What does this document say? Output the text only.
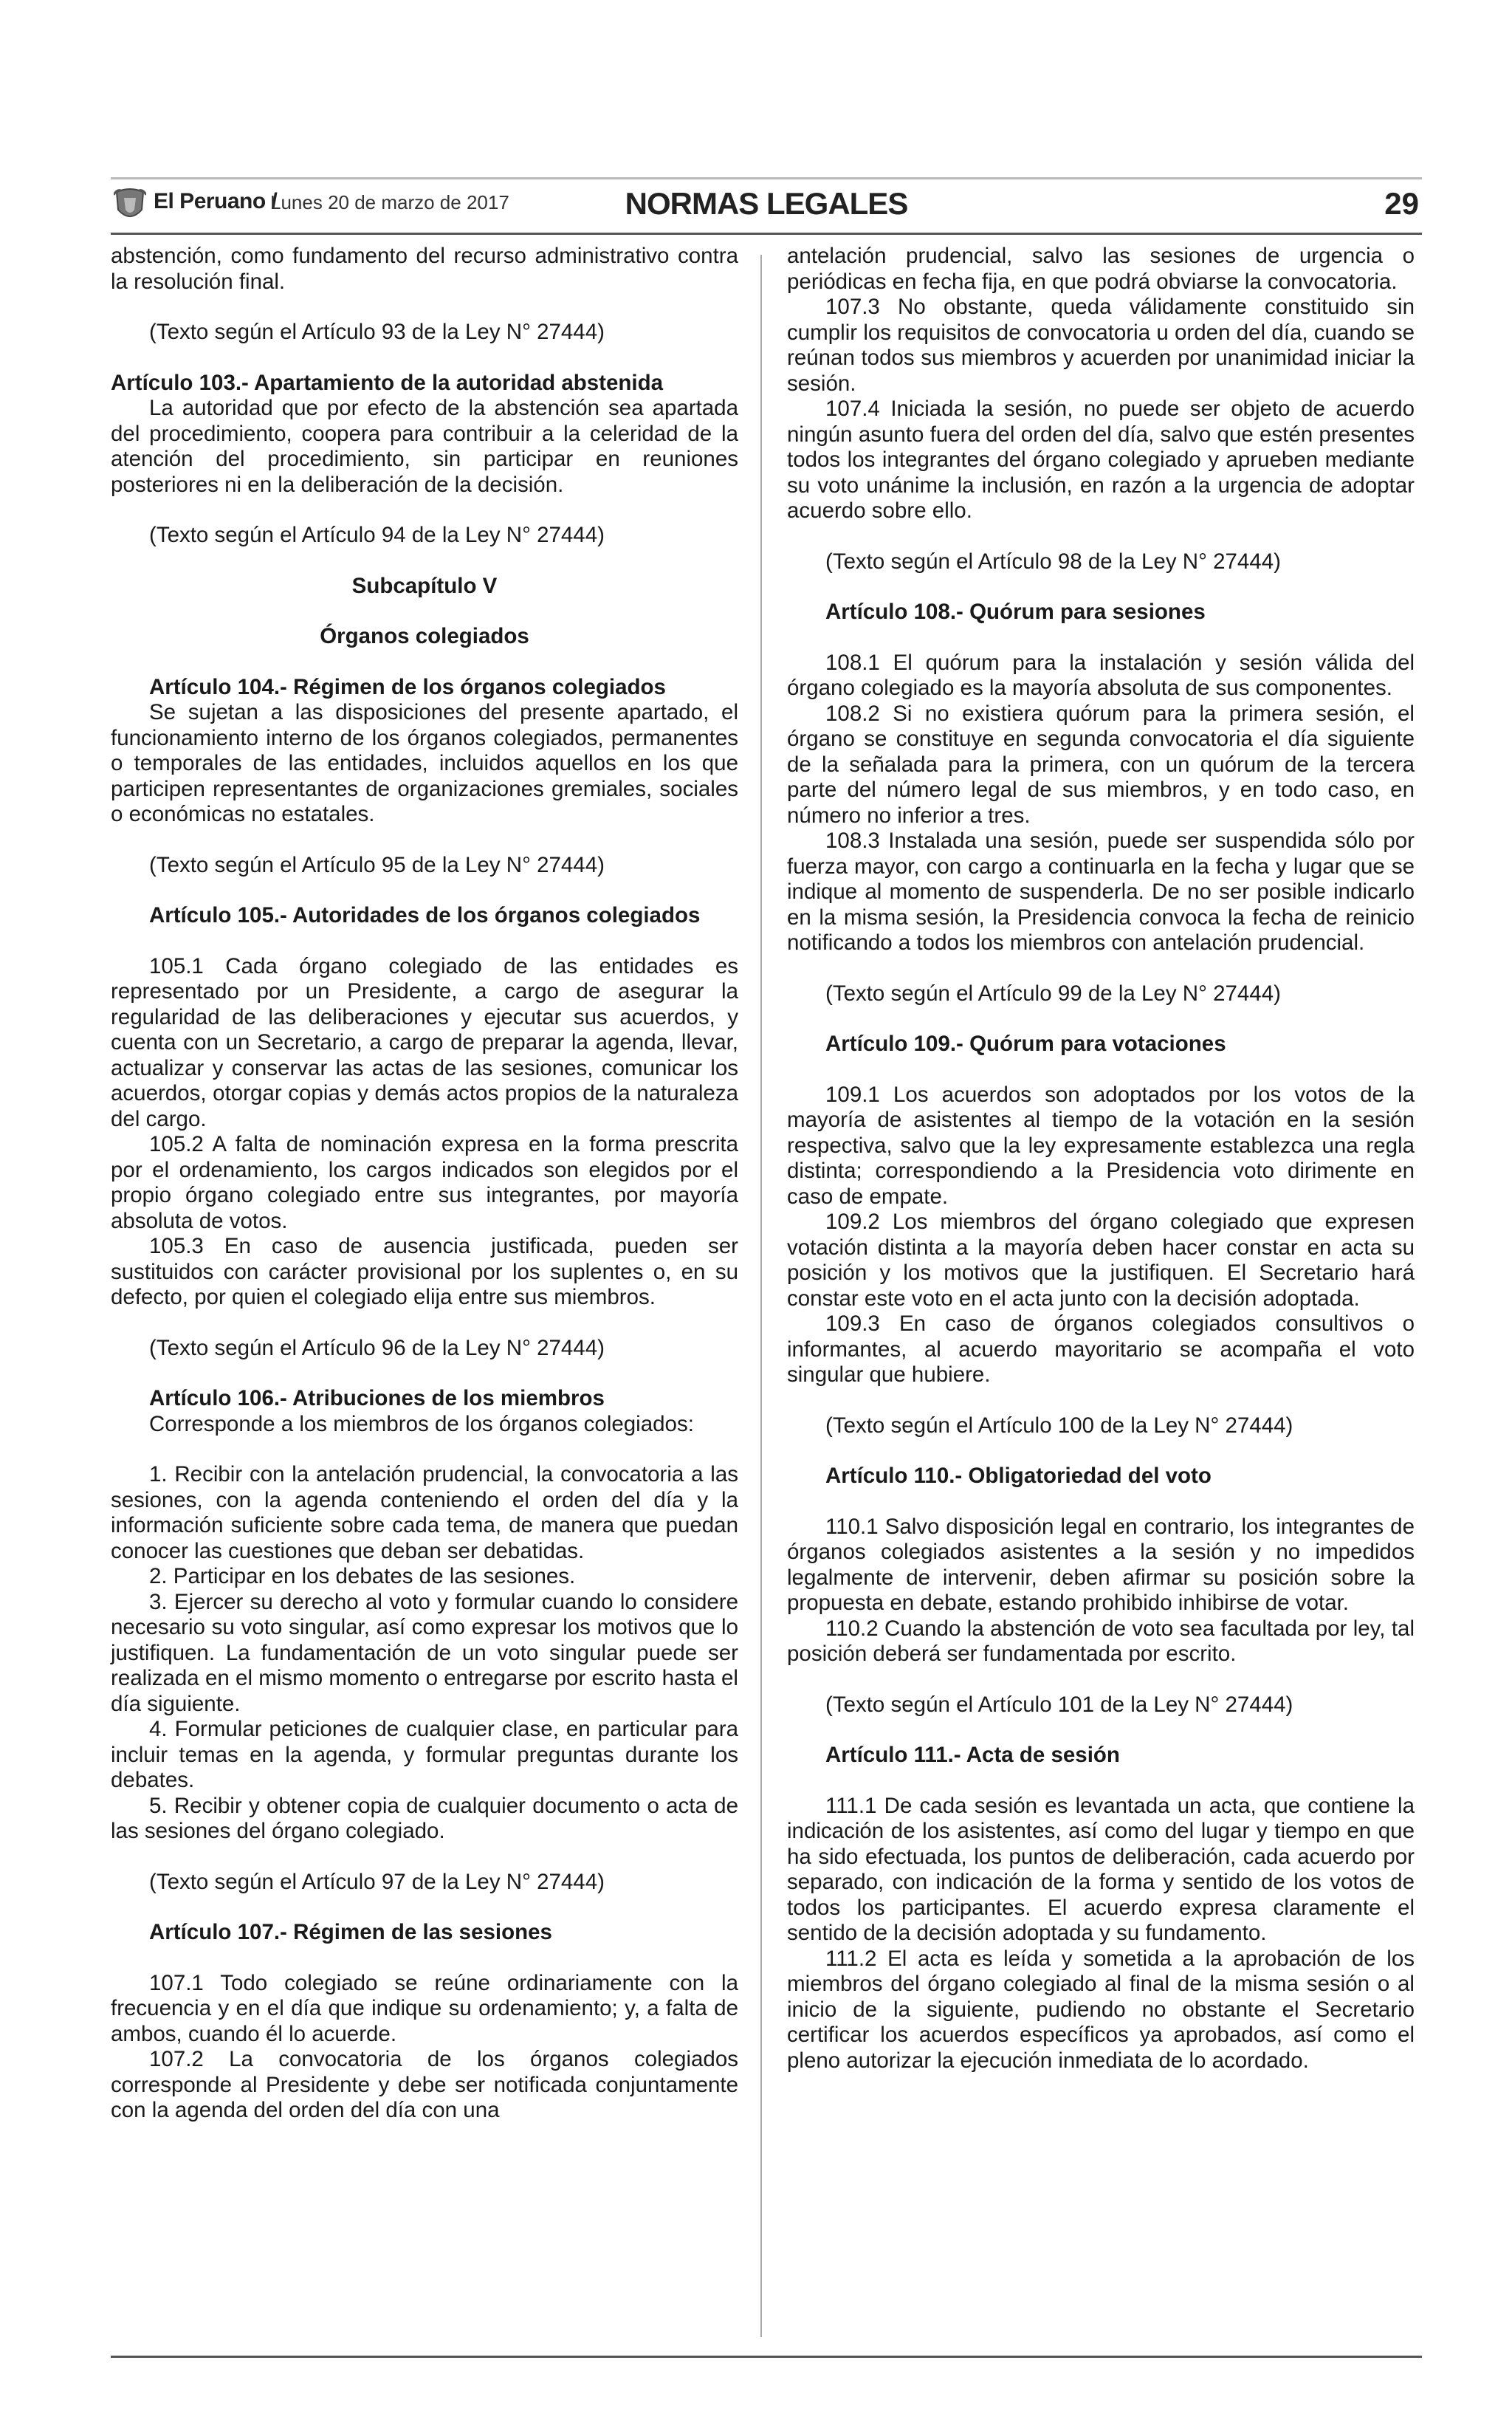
El Peruano /
Lunes 20 de marzo de 2017	NORMAS LEGALES	29

abstención, como fundamento del recurso administrativo contra la resolución final.

(Texto según el Artículo 93 de la Ley N° 27444)

Artículo 103.- Apartamiento de la autoridad abstenida

La autoridad que por efecto de la abstención sea apartada del procedimiento, coopera para contribuir a la celeridad de la atención del procedimiento, sin participar en reuniones posteriores ni en la deliberación de la decisión.

(Texto según el Artículo 94 de la Ley N° 27444)

Subcapítulo V

Órganos colegiados

Artículo 104.- Régimen de los órganos colegiados

Se sujetan a las disposiciones del presente apartado, el funcionamiento interno de los órganos colegiados, permanentes o temporales de las entidades, incluidos aquellos en los que participen representantes de organizaciones gremiales, sociales o económicas no estatales.

(Texto según el Artículo 95 de la Ley N° 27444)

Artículo 105.- Autoridades de los órganos colegiados

105.1 Cada órgano colegiado de las entidades es representado por un Presidente, a cargo de asegurar la regularidad de las deliberaciones y ejecutar sus acuerdos, y cuenta con un Secretario, a cargo de preparar la agenda, llevar, actualizar y conservar las actas de las sesiones, comunicar los acuerdos, otorgar copias y demás actos propios de la naturaleza del cargo.

105.2 A falta de nominación expresa en la forma prescrita por el ordenamiento, los cargos indicados son elegidos por el propio órgano colegiado entre sus integrantes, por mayoría absoluta de votos.

105.3 En caso de ausencia justificada, pueden ser sustituidos con carácter provisional por los suplentes o, en su defecto, por quien el colegiado elija entre sus miembros.

(Texto según el Artículo 96 de la Ley N° 27444)

Artículo 106.- Atribuciones de los miembros

Corresponde a los miembros de los órganos colegiados:

1. Recibir con la antelación prudencial, la convocatoria a las sesiones, con la agenda conteniendo el orden del día y la información suficiente sobre cada tema, de manera que puedan conocer las cuestiones que deban ser debatidas.

2. Participar en los debates de las sesiones.

3. Ejercer su derecho al voto y formular cuando lo considere necesario su voto singular, así como expresar los motivos que lo justifiquen. La fundamentación de un voto singular puede ser realizada en el mismo momento o entregarse por escrito hasta el día siguiente.

4. Formular peticiones de cualquier clase, en particular para incluir temas en la agenda, y formular preguntas durante los debates.

5. Recibir y obtener copia de cualquier documento o acta de las sesiones del órgano colegiado.

(Texto según el Artículo 97 de la Ley N° 27444)

Artículo 107.- Régimen de las sesiones

107.1 Todo colegiado se reúne ordinariamente con la frecuencia y en el día que indique su ordenamiento; y, a falta de ambos, cuando él lo acuerde.

107.2 La convocatoria de los órganos colegiados corresponde al Presidente y debe ser notificada conjuntamente con la agenda del orden del día con una

antelación prudencial, salvo las sesiones de urgencia o periódicas en fecha fija, en que podrá obviarse la convocatoria.

107.3 No obstante, queda válidamente constituido sin cumplir los requisitos de convocatoria u orden del día, cuando se reúnan todos sus miembros y acuerden por unanimidad iniciar la sesión.

107.4 Iniciada la sesión, no puede ser objeto de acuerdo ningún asunto fuera del orden del día, salvo que estén presentes todos los integrantes del órgano colegiado y aprueben mediante su voto unánime la inclusión, en razón a la urgencia de adoptar acuerdo sobre ello.

(Texto según el Artículo 98 de la Ley N° 27444)

Artículo 108.- Quórum para sesiones

108.1 El quórum para la instalación y sesión válida del órgano colegiado es la mayoría absoluta de sus componentes.

108.2 Si no existiera quórum para la primera sesión, el órgano se constituye en segunda convocatoria el día siguiente de la señalada para la primera, con un quórum de la tercera parte del número legal de sus miembros, y en todo caso, en número no inferior a tres.

108.3 Instalada una sesión, puede ser suspendida sólo por fuerza mayor, con cargo a continuarla en la fecha y lugar que se indique al momento de suspenderla. De no ser posible indicarlo en la misma sesión, la Presidencia convoca la fecha de reinicio notificando a todos los miembros con antelación prudencial.

(Texto según el Artículo 99 de la Ley N° 27444)

Artículo 109.- Quórum para votaciones

109.1 Los acuerdos son adoptados por los votos de la mayoría de asistentes al tiempo de la votación en la sesión respectiva, salvo que la ley expresamente establezca una regla distinta; correspondiendo a la Presidencia voto dirimente en caso de empate.

109.2 Los miembros del órgano colegiado que expresen votación distinta a la mayoría deben hacer constar en acta su posición y los motivos que la justifiquen. El Secretario hará constar este voto en el acta junto con la decisión adoptada.

109.3 En caso de órganos colegiados consultivos o informantes, al acuerdo mayoritario se acompaña el voto singular que hubiere.

(Texto según el Artículo 100 de la Ley N° 27444)

Artículo 110.- Obligatoriedad del voto

110.1 Salvo disposición legal en contrario, los integrantes de órganos colegiados asistentes a la sesión y no impedidos legalmente de intervenir, deben afirmar su posición sobre la propuesta en debate, estando prohibido inhibirse de votar.

110.2 Cuando la abstención de voto sea facultada por ley, tal posición deberá ser fundamentada por escrito.

(Texto según el Artículo 101 de la Ley N° 27444)

Artículo 111.- Acta de sesión

111.1 De cada sesión es levantada un acta, que contiene la indicación de los asistentes, así como del lugar y tiempo en que ha sido efectuada, los puntos de deliberación, cada acuerdo por separado, con indicación de la forma y sentido de los votos de todos los participantes. El acuerdo expresa claramente el sentido de la decisión adoptada y su fundamento.

111.2 El acta es leída y sometida a la aprobación de los miembros del órgano colegiado al final de la misma sesión o al inicio de la siguiente, pudiendo no obstante el Secretario certificar los acuerdos específicos ya aprobados, así como el pleno autorizar la ejecución inmediata de lo acordado.
